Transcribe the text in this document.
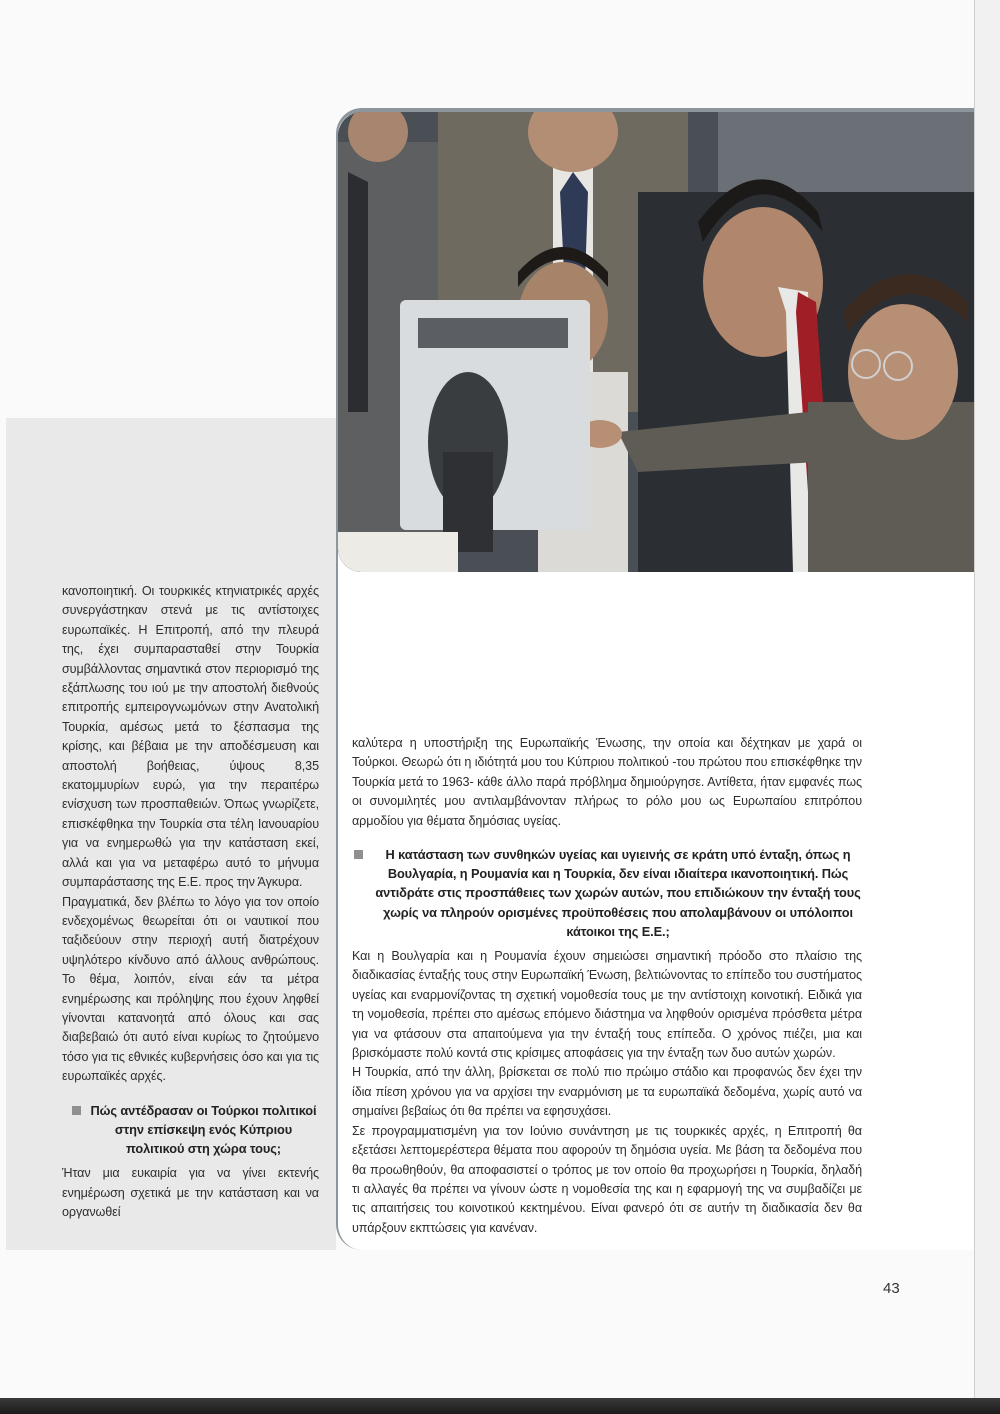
κανοποιητική. Οι τουρκικές κτηνιατρικές αρχές συνεργάστηκαν στενά με τις αντίστοιχες ευρωπαϊκές. Η Επιτροπή, από την πλευρά της, έχει συμπαρασταθεί στην Τουρκία συμβάλλοντας σημαντικά στον περιορισμό της εξάπλωσης του ιού με την αποστολή διεθνούς επιτροπής εμπειρογνωμόνων στην Ανατολική Τουρκία, αμέσως μετά το ξέσπασμα της κρίσης, και βέβαια με την αποδέσμευση και αποστολή βοήθειας, ύψους 8,35 εκατομμυρίων ευρώ, για την περαιτέρω ενίσχυση των προσπαθειών. Όπως γνωρίζετε, επισκέφθηκα την Τουρκία στα τέλη Ιανουαρίου για να ενημερωθώ για την κατάσταση εκεί, αλλά και για να μεταφέρω αυτό το μήνυμα συμπαράστασης της Ε.Ε. προς την Άγκυρα.

Πραγματικά, δεν βλέπω το λόγο για τον οποίο ενδεχομένως θεωρείται ότι οι ναυτικοί που ταξιδεύουν στην περιοχή αυτή διατρέχουν υψηλότερο κίνδυνο από άλλους ανθρώπους. Το θέμα, λοιπόν, είναι εάν τα μέτρα ενημέρωσης και πρόληψης που έχουν ληφθεί γίνονται κατανοητά από όλους και σας διαβεβαιώ ότι αυτό είναι κυρίως το ζητούμενο τόσο για τις εθνικές κυβερνήσεις όσο και για τις ευρωπαϊκές αρχές.

Πώς αντέδρασαν οι Τούρκοι πολιτικοί στην επίσκεψη ενός Κύπριου πολιτικού στη χώρα τους;

Ήταν μια ευκαιρία για να γίνει εκτενής ενημέρωση σχετικά με την κατάσταση και να οργανωθεί

καλύτερα η υποστήριξη της Ευρωπαϊκής Ένωσης, την οποία και δέχτηκαν με χαρά οι Τούρκοι. Θεωρώ ότι η ιδιότητά μου του Κύπριου πολιτικού -του πρώτου που επισκέφθηκε την Τουρκία μετά το 1963- κάθε άλλο παρά πρόβλημα δημιούργησε. Αντίθετα, ήταν εμφανές πως οι συνομιλητές μου αντιλαμβάνονταν πλήρως το ρόλο μου ως Ευρωπαίου επιτρόπου αρμοδίου για θέματα δημόσιας υγείας.

Η κατάσταση των συνθηκών υγείας και υγιεινής σε κράτη υπό ένταξη, όπως η Βουλγαρία, η Ρουμανία και η Τουρκία, δεν είναι ιδιαίτερα ικανοποιητική. Πώς αντιδράτε στις προσπάθειες των χωρών αυτών, που επιδιώκουν την ένταξή τους χωρίς να πληρούν ορισμένες προϋποθέσεις που απολαμβάνουν οι υπόλοιποι κάτοικοι της Ε.Ε.;

Και η Βουλγαρία και η Ρουμανία έχουν σημειώσει σημαντική πρόοδο στο πλαίσιο της διαδικασίας ένταξής τους στην Ευρωπαϊκή Ένωση, βελτιώνοντας το επίπεδο του συστήματος υγείας και εναρμονίζοντας τη σχετική νομοθεσία τους με την αντίστοιχη κοινοτική. Ειδικά για τη νομοθεσία, πρέπει στο αμέσως επόμενο διάστημα να ληφθούν ορισμένα πρόσθετα μέτρα για να φτάσουν στα απαιτούμενα για την ένταξή τους επίπεδα. Ο χρόνος πιέζει, μια και βρισκόμαστε πολύ κοντά στις κρίσιμες αποφάσεις για την ένταξη των δυο αυτών χωρών.

Η Τουρκία, από την άλλη, βρίσκεται σε πολύ πιο πρώιμο στάδιο και προφανώς δεν έχει την ίδια πίεση χρόνου για να αρχίσει την εναρμόνιση με τα ευρωπαϊκά δεδομένα, χωρίς αυτό να σημαίνει βεβαίως ότι θα πρέπει να εφησυχάσει.

Σε προγραμματισμένη για τον Ιούνιο συνάντηση με τις τουρκικές αρχές, η Επιτροπή θα εξετάσει λεπτομερέστερα θέματα που αφορούν τη δημόσια υγεία. Με βάση τα δεδομένα που θα προωθηθούν, θα αποφασιστεί ο τρόπος με τον οποίο θα προχωρήσει η Τουρκία, δηλαδή τι αλλαγές θα πρέπει να γίνουν ώστε η νομοθεσία της και η εφαρμογή της να συμβαδίζει με τις απαιτήσεις του κοινοτικού κεκτημένου. Είναι φανερό ότι σε αυτήν τη διαδικασία δεν θα υπάρξουν εκπτώσεις για κανέναν.

43
